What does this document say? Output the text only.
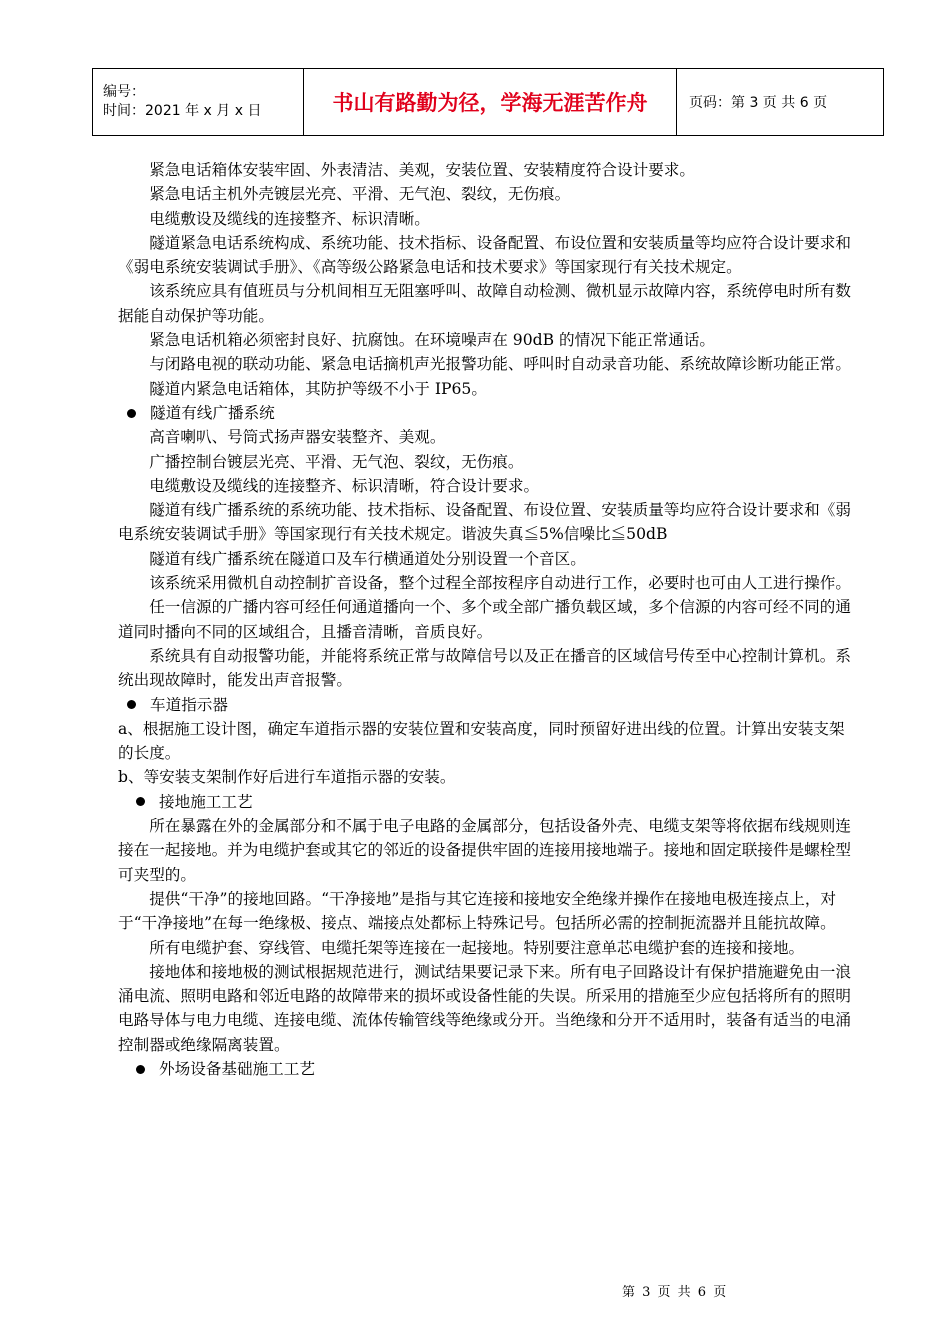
编号：
时间：2021 年 x 月 x 日	书山有路勤为径，学海无涯苦作舟	页码：第 3 页 共 6 页

紧急电话箱体安装牢固、外表清洁、美观，安装位置、安装精度符合设计要求。

紧急电话主机外壳镀层光亮、平滑、无气泡、裂纹，无伤痕。

电缆敷设及缆线的连接整齐、标识清晰。

隧道紧急电话系统构成、系统功能、技术指标、设备配置、布设位置和安装质量等均应符合设计要求和《弱电系统安装调试手册》、《高等级公路紧急电话和技术要求》等国家现行有关技术规定。

该系统应具有值班员与分机间相互无阻塞呼叫、故障自动检测、微机显示故障内容，系统停电时所有数据能自动保护等功能。

紧急电话机箱必须密封良好、抗腐蚀。在环境噪声在 90dB 的情况下能正常通话。

与闭路电视的联动功能、紧急电话摘机声光报警功能、呼叫时自动录音功能、系统故障诊断功能正常。

隧道内紧急电话箱体，其防护等级不小于 IP65。

隧道有线广播系统

高音喇叭、号筒式扬声器安装整齐、美观。

广播控制台镀层光亮、平滑、无气泡、裂纹，无伤痕。

电缆敷设及缆线的连接整齐、标识清晰，符合设计要求。

隧道有线广播系统的系统功能、技术指标、设备配置、布设位置、安装质量等均应符合设计要求和《弱电系统安装调试手册》等国家现行有关技术规定。谐波失真≦5%信噪比≦50dB

隧道有线广播系统在隧道口及车行横通道处分别设置一个音区。

该系统采用微机自动控制扩音设备，整个过程全部按程序自动进行工作，必要时也可由人工进行操作。

任一信源的广播内容可经任何通道播向一个、多个或全部广播负载区域，多个信源的内容可经不同的通道同时播向不同的区域组合，且播音清晰，音质良好。

系统具有自动报警功能，并能将系统正常与故障信号以及正在播音的区域信号传至中心控制计算机。系统出现故障时，能发出声音报警。

车道指示器

a、根据施工设计图，确定车道指示器的安装位置和安装高度，同时预留好进出线的位置。计算出安装支架的长度。

b、等安装支架制作好后进行车道指示器的安装。

接地施工工艺

所在暴露在外的金属部分和不属于电子电路的金属部分，包括设备外壳、电缆支架等将依据布线规则连接在一起接地。并为电缆护套或其它的邻近的设备提供牢固的连接用接地端子。接地和固定联接件是螺栓型可夹型的。

提供“干净”的接地回路。“干净接地”是指与其它连接和接地安全绝缘并操作在接地电极连接点上，对于“干净接地”在每一绝缘极、接点、端接点处都标上特殊记号。包括所必需的控制扼流器并且能抗故障。

所有电缆护套、穿线管、电缆托架等连接在一起接地。特别要注意单芯电缆护套的连接和接地。

接地体和接地极的测试根据规范进行，测试结果要记录下来。所有电子回路设计有保护措施避免由一浪涌电流、照明电路和邻近电路的故障带来的损坏或设备性能的失误。所采用的措施至少应包括将所有的照明电路导体与电力电缆、连接电缆、流体传输管线等绝缘或分开。当绝缘和分开不适用时，装备有适当的电涌控制器或绝缘隔离装置。

外场设备基础施工工艺
第 3 页 共 6 页
